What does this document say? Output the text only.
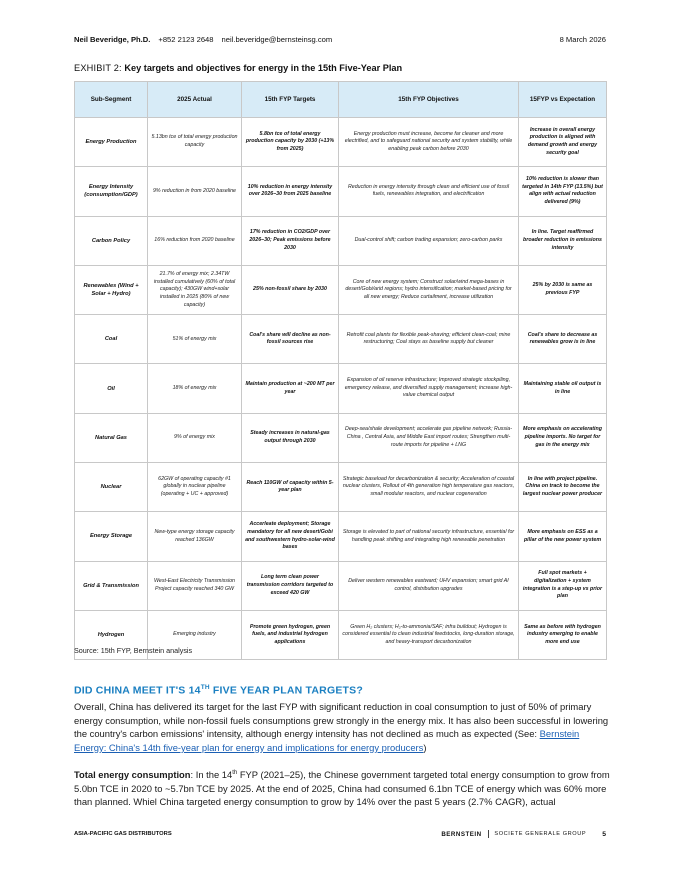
Neil Beveridge, Ph.D. +852 2123 2648 neil.beveridge@bernsteinsg.com	8 March 2026
EXHIBIT 2: Key targets and objectives for energy in the 15th Five-Year Plan
Sub-Segment	2025 Actual	15th FYP Targets	15th FYP Objectives	15FYP vs Expectation
Energy Production	5.13bn tce of total energy production capacity	5.8bn tce of total energy production capacity by 2030 (+13% from 2025)	Energy production must increase, become far cleaner and more electrified, and to safeguard national security and system stability, while enabling peak carbon before 2030	Increase in overall energy production is aligned with demand growth and energy security goal
Energy Intensity (consumption/GDP)	9% reduction in from 2020 baseline	10% reduction in energy intensity over 2026–30 from 2025 baseline	Reduction in energy intensity through clean and efficient use of fossil fuels, renewables integration, and electrification	10% reduction is slower than targeted in 14th FYP (13.5%) but align with actual reduction delivered (9%)
Carbon Policy	16% reduction from 2020 baseline	17% reduction in CO2/GDP over 2026–30; Peak emissions before 2030	Dual-control shift; carbon trading expansion; zero-carbon parks	In line. Target reaffirmed broader reduction in emissions intensity
Renewables (Wind + Solar + Hydro)	21.7% of energy mix; 2.34TW installed cumulatively (60% of total capacity); 430GW wind+solar installed in 2025 (80% of new capacity)	25% non-fossil share by 2030	Core of new energy system; Construct solar/wind mega-bases in desert/Gobi/arid regions; hydro intensification; market-based pricing for all new energy; Reduce curtailment, increase utilization	25% by 2030 is same as previous FYP
Coal	51% of energy mix	Coal's share will decline as non-fossil sources rise	Retrofit coal plants for flexible peak-shaving; efficient clean-coal; mine restructuring; Coal stays as baseline supply but cleaner	Coal's share to decrease as renewables grow is in line
Oil	18% of energy mix	Maintain production at ~200 MT per year	Expansion of oil reserve infrastructure; Improved strategic stockpiling, emergency release, and diversified supply management; increase high-value chemical output	Maintaining stable oil output is in line
Natural Gas	9% of energy mix	Steady increases in natural-gas output through 2030	Deep-sea/shale development; accelerate gas pipeline network; Russia-China , Central Asia, and Middle East import routes; Strengthen multi-route imports for pipeline + LNG	More emphasis on accelerating pipeline imports. No target for gas in the energy mix
Nuclear	62GW of operating capacity #1 globally in nuclear pipeline (operating + UC + approved)	Reach 110GW of capacity within 5-year plan	Strategic baseload for decarbonization & security; Acceleration of coastal nuclear clusters, Rollout of 4th generation high temperature gas reactors, small modular reactors, and nuclear cogeneration	In line with project pipeline. China on track to become the largest nuclear power producer
Energy Storage	New-type energy storage capacity reached 136GW	Accerleate deployment; Storage mandatory for all new desert/Gobi and southwestern hydro-solar-wind bases	Storage is elevated to part of national security infrastructure, essential for handling peak shifting and integrating high renewable penetration	More emphasis on ESS as a pillar of the new power system
Grid & Transmission	West-East Electricity Transmission Project capacity reached 340 GW	Long term clean power transmission corridors targeted to exceed 420 GW	Deliver western renewables eastward; UHV expansion; smart grid AI control, distribution upgrades	Full spot markets + digitalization + system integration is a step-up vs prior plan
Hydrogen	Emerging industry	Promote green hydrogen, green fuels, and industrial hydrogen applications	Green H₂ clusters; H₂-to-ammonia/SAF; infra buildout; Hydrogen is considered essential to clean industrial feedstocks, long-duration storage, and heavy-transport decarbonization	Same as before with hydrogen industry emerging to enable more end use
Source: 15th FYP, Bernstein analysis
DID CHINA MEET IT'S 14TH FIVE YEAR PLAN TARGETS?
Overall, China has delivered its target for the last FYP with significant reduction in coal consumption to just of 50% of primary energy consumption, while non-fossil fuels consumptions grew strongly in the energy mix. It has also been successful in lowering the country's carbon emissions' intensity, although energy intensity has not declined as much as expected (See: Bernstein Energy: China's 14th five-year plan for energy and implications for energy producers)
Total energy consumption: In the 14th FYP (2021–25), the Chinese government targeted total energy consumption to grow from 5.0bn TCE in 2020 to ~5.7bn TCE by 2025. At the end of 2025, China had consumed 6.1bn TCE of energy which was 60% more than planned. Whiel China targeted energy consumption to grow by 14% over the past 5 years (2.7% CAGR), actual
ASIA-PACIFIC GAS DISTRIBUTORS	BERNSTEIN SOCIETE GENERALE GROUP 5
